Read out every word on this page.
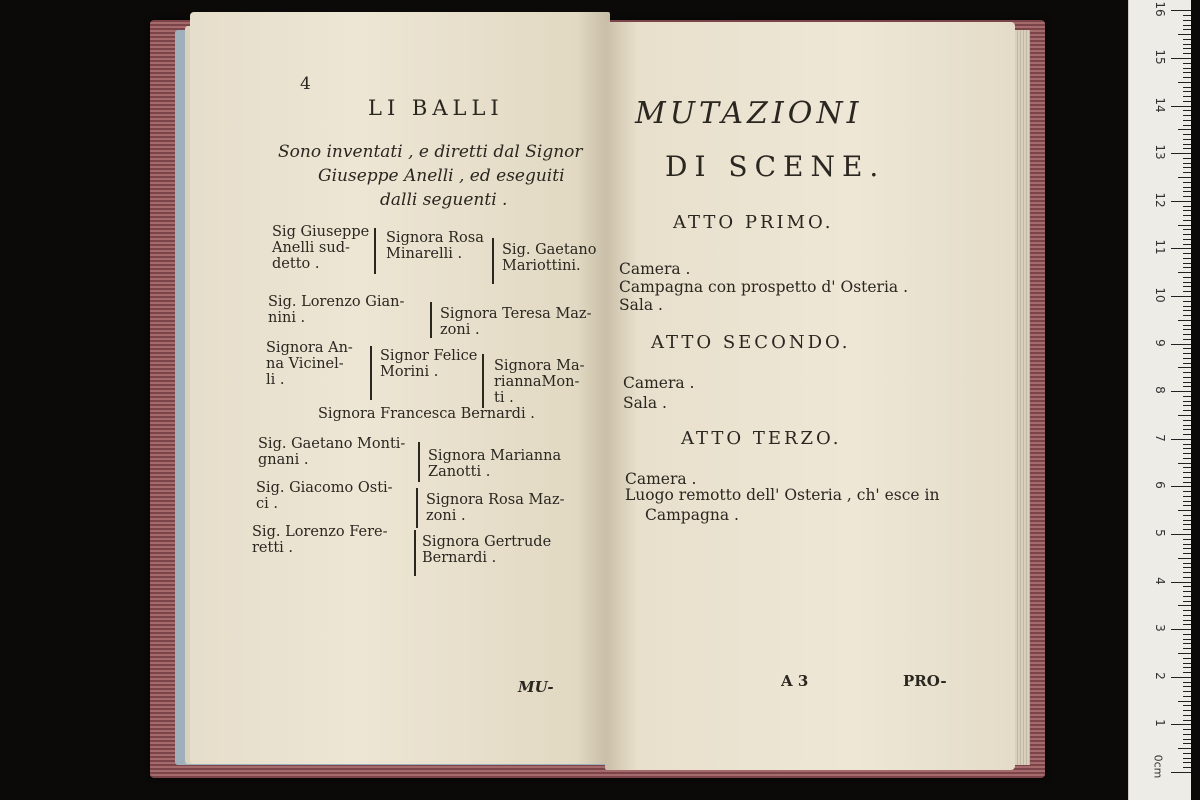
0cm
1
2
3
4
5
6
7
8
9
10
11
12
13
14
15
16
4
LI BALLI
Sono inventati , e diretti dal Signor
Giuseppe Anelli , ed eseguiti
dalli seguenti .
Sig Giuseppe
Anelli sud-
detto .
Signora Rosa
Minarelli .	Sig. Gaetano
Mariottini.
Sig. Lorenzo Gian-
nini .	Signora Teresa Maz-
zoni .
Signora An-
na Vicinel-
li .
Signor Felice
Morini .	Signora Ma-
riannaMon-
ti .
Signora Francesca Bernardi .
Sig. Gaetano Monti-
gnani .	Signora Marianna
Zanotti .
Sig. Giacomo Osti-
ci .	Signora Rosa Maz-
zoni .
Sig. Lorenzo Fere-
retti .	Signora Gertrude
Bernardi .
MU-
MUTAZIONI
DI SCENE.
ATTO PRIMO.
Camera .
Campagna con prospetto d' Osteria .
Sala .
ATTO SECONDO.
Camera .
Sala .
ATTO TERZO.
Camera .
Luogo remotto dell' Osteria , ch' esce in
Campagna .
A 3	PRO-
